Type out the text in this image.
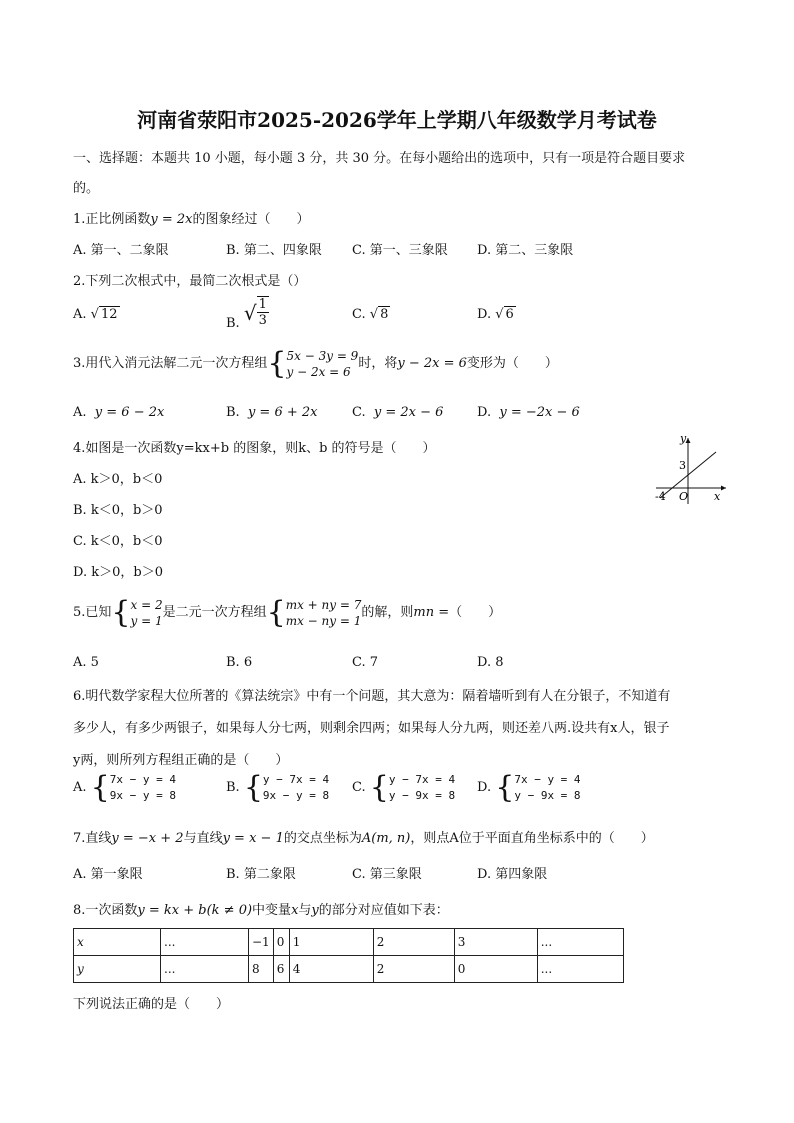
河南省荥阳市2025-2026学年上学期八年级数学月考试卷
一、选择题：本题共 10 小题，每小题 3 分，共 30 分。在每小题给出的选项中，只有一项是符合题目要求
的。
1.正比例函数y = 2x的图象经过（　　）
A. 第一、二象限	B. 第二、四象限 C. 第一、三象限 D. 第二、三象限
2.下列二次根式中，最简二次根式是（）
A. √ 12
B. √ $\frac{1}{3}$	C. √ 8	D. √ 6
3.用代入消元法解二元一次方程组{ 5x − 3y = 9
y − 2x = 6
时，将y − 2x = 6变形为（　　）
A. y = 6 − 2x	B. y = 6 + 2x	C. y = 2x − 6	D. y = −2x − 6
4.如图是一次函数y=kx+b 的图象，则k、b 的符号是（　　）
A. k＞0，b＜0
B. k＜0，b＞0
C. k＜0，b＜0
D. k＞0，b＞0
y
x
O
3
-4
5.已知{ x = 2
y = 1
是二元一次方程组{ mx + ny = 7
mx − ny = 1
的解，则mn =（　　）
A. 5	B. 6	C. 7	D. 8
6.明代数学家程大位所著的《算法统宗》中有一个问题，其大意为：隔着墙听到有人在分银子，不知道有
多少人，有多少两银子，如果每人分七两，则剩余四两；如果每人分九两，则还差八两.设共有x人，银子
y两，则所列方程组正确的是（　　）
A. { 7x − y = 4
9x − y = 8
B. { y − 7x = 4
9x − y = 8
C. { y − 7x = 4
y − 9x = 8
D. { 7x − y = 4
y − 9x = 8
7.直线y = −x + 2与直线y = x − 1的交点坐标为A(m, n)，则点A位于平面直角坐标系中的（　　）
A. 第一象限	B. 第二象限	C. 第三象限	D. 第四象限
8.一次函数y = kx + b(k ≠ 0)中变量x与y的部分对应值如下表：
x	...	−1	0	1	2	3	...
y	...	8	6	4	2	0	...
下列说法正确的是（　　）
